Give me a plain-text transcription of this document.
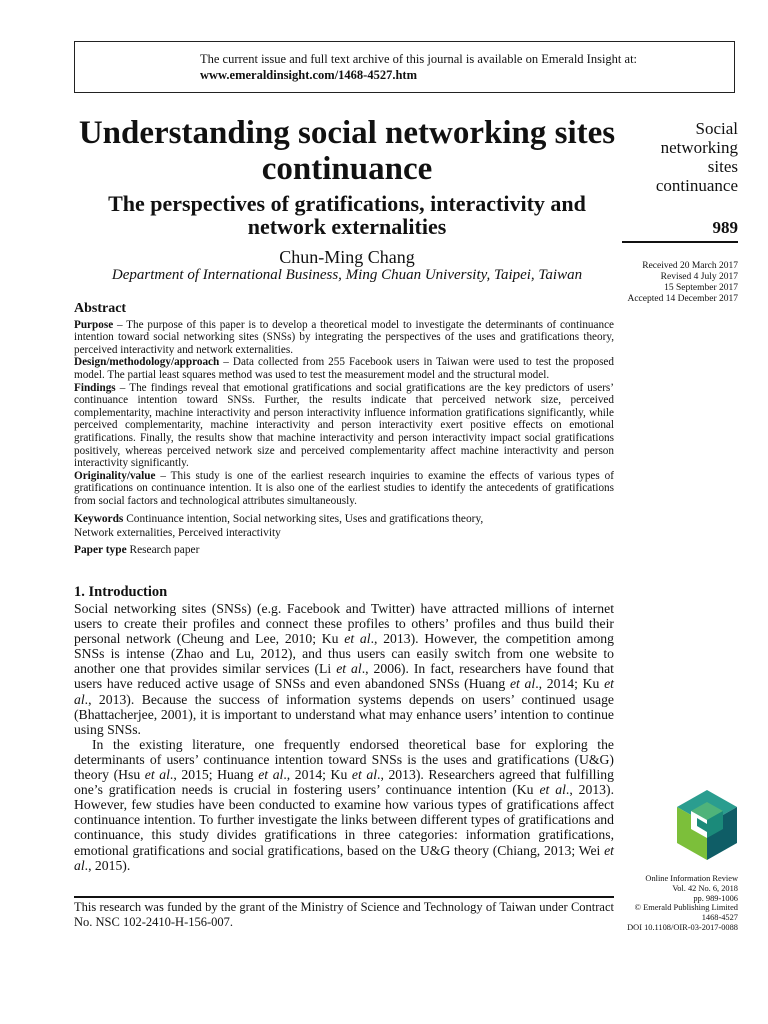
The current issue and full text archive of this journal is available on Emerald Insight at:
www.emeraldinsight.com/1468-4527.htm
Understanding social networking sites continuance
The perspectives of gratifications, interactivity and network externalities
Chun-Ming Chang
Department of International Business, Ming Chuan University, Taipei, Taiwan
Social
networking
sites
continuance
989
Received 20 March 2017
Revised 4 July 2017
15 September 2017
Accepted 14 December 2017
Abstract

Purpose – The purpose of this paper is to develop a theoretical model to investigate the determinants of continuance intention toward social networking sites (SNSs) by integrating the perspectives of the uses and gratifications theory, perceived interactivity and network externalities.

Design/methodology/approach – Data collected from 255 Facebook users in Taiwan were used to test the proposed model. The partial least squares method was used to test the measurement model and the structural model.

Findings – The findings reveal that emotional gratifications and social gratifications are the key predictors of users’ continuance intention toward SNSs. Further, the results indicate that perceived network size, perceived complementarity, machine interactivity and person interactivity influence information gratifications significantly, while perceived complementarity, machine interactivity and person interactivity exert positive effects on emotional gratifications. Finally, the results show that machine interactivity and person interactivity impact social gratifications positively, whereas perceived network size and perceived complementarity affect machine interactivity and person interactivity significantly.

Originality/value – This study is one of the earliest research inquiries to examine the effects of various types of gratifications on continuance intention. It is also one of the earliest studies to identify the antecedents of gratifications from social factors and technological attributes simultaneously.

Keywords Continuance intention, Social networking sites, Uses and gratifications theory,
Network externalities, Perceived interactivity
Paper type Research paper
1. Introduction

Social networking sites (SNSs) (e.g. Facebook and Twitter) have attracted millions of internet users to create their profiles and connect these profiles to others’ profiles and thus build their personal network (Cheung and Lee, 2010; Ku et al., 2013). However, the competition among SNSs is intense (Zhao and Lu, 2012), and thus users can easily switch from one website to another one that provides similar services (Li et al., 2006). In fact, researchers have found that users have reduced active usage of SNSs and even abandoned SNSs (Huang et al., 2014; Ku et al., 2013). Because the success of information systems depends on users’ continued usage (Bhattacherjee, 2001), it is important to understand what may enhance users’ intention to continue using SNSs.

In the existing literature, one frequently endorsed theoretical base for exploring the determinants of users’ continuance intention toward SNSs is the uses and gratifications (U&G) theory (Hsu et al., 2015; Huang et al., 2014; Ku et al., 2013). Researchers agreed that fulfilling one’s gratification needs is crucial in fostering users’ continuance intention (Ku et al., 2013). However, few studies have been conducted to examine how various types of gratifications affect continuance intention. To further investigate the links between different types of gratifications and continuance, this study divides gratifications in three categories: information gratifications, emotional gratifications and social gratifications, based on the U&G theory (Chiang, 2013; Wei et al., 2015).

This research was funded by the grant of the Ministry of Science and Technology of Taiwan under Contract No. NSC 102-2410-H-156-007.
Online Information Review
Vol. 42 No. 6, 2018
pp. 989-1006
© Emerald Publishing Limited
1468-4527
DOI 10.1108/OIR-03-2017-0088
